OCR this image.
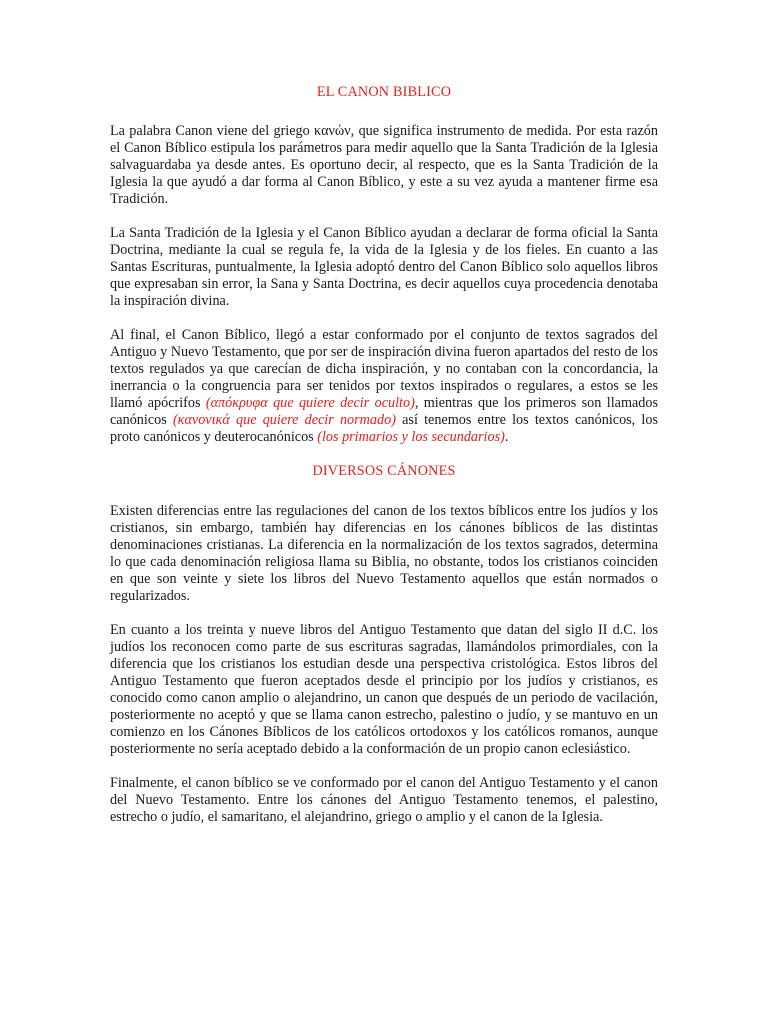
EL CANON BIBLICO

La palabra Canon viene del griego κανών, que significa instrumento de medida. Por esta razón el Canon Bíblico estipula los parámetros para medir aquello que la Santa Tradición de la Iglesia salvaguardaba ya desde antes. Es oportuno decir, al respecto, que es la Santa Tradición de la Iglesia la que ayudó a dar forma al Canon Bíblico, y este a su vez ayuda a mantener firme esa Tradición.

La Santa Tradición de la Iglesia y el Canon Bíblico ayudan a declarar de forma oficial la Santa Doctrina, mediante la cual se regula fe, la vida de la Iglesia y de los fieles. En cuanto a las Santas Escrituras, puntualmente, la Iglesia adoptó dentro del Canon Bíblico solo aquellos libros que expresaban sin error, la Sana y Santa Doctrina, es decir aquellos cuya procedencia denotaba la inspiración divina.

Al final, el Canon Bíblico, llegó a estar conformado por el conjunto de textos sagrados del Antiguo y Nuevo Testamento, que por ser de inspiración divina fueron apartados del resto de los textos regulados ya que carecían de dicha inspiración, y no contaban con la concordancia, la inerrancia o la congruencia para ser tenidos por textos inspirados o regulares, a estos se les llamó apócrifos (απόκρυφα que quiere decir oculto), mientras que los primeros son llamados canónicos (κανονικά que quiere decir normado) así tenemos entre los textos canónicos, los proto canónicos y deuterocanónicos (los primarios y los secundarios).

DIVERSOS CÁNONES

Existen diferencias entre las regulaciones del canon de los textos bíblicos entre los judíos y los cristianos, sin embargo, también hay diferencias en los cánones bíblicos de las distintas denominaciones cristianas. La diferencia en la normalización de los textos sagrados, determina lo que cada denominación religiosa llama su Biblia, no obstante, todos los cristianos coinciden en que son veinte y siete los libros del Nuevo Testamento aquellos que están normados o regularizados.

En cuanto a los treinta y nueve libros del Antiguo Testamento que datan del siglo II d.C. los judíos los reconocen como parte de sus escrituras sagradas, llamándolos primordiales, con la diferencia que los cristianos los estudian desde una perspectiva cristológica. Estos libros del Antiguo Testamento que fueron aceptados desde el principio por los judíos y cristianos, es conocido como canon amplio o alejandrino, un canon que después de un periodo de vacilación, posteriormente no aceptó y que se llama canon estrecho, palestino o judío, y se mantuvo en un comienzo en los Cánones Bíblicos de los católicos ortodoxos y los católicos romanos, aunque posteriormente no sería aceptado debido a la conformación de un propio canon eclesiástico.

Finalmente, el canon bíblico se ve conformado por el canon del Antiguo Testamento y el canon del Nuevo Testamento. Entre los cánones del Antiguo Testamento tenemos, el palestino, estrecho o judío, el samaritano, el alejandrino, griego o amplio y el canon de la Iglesia.
